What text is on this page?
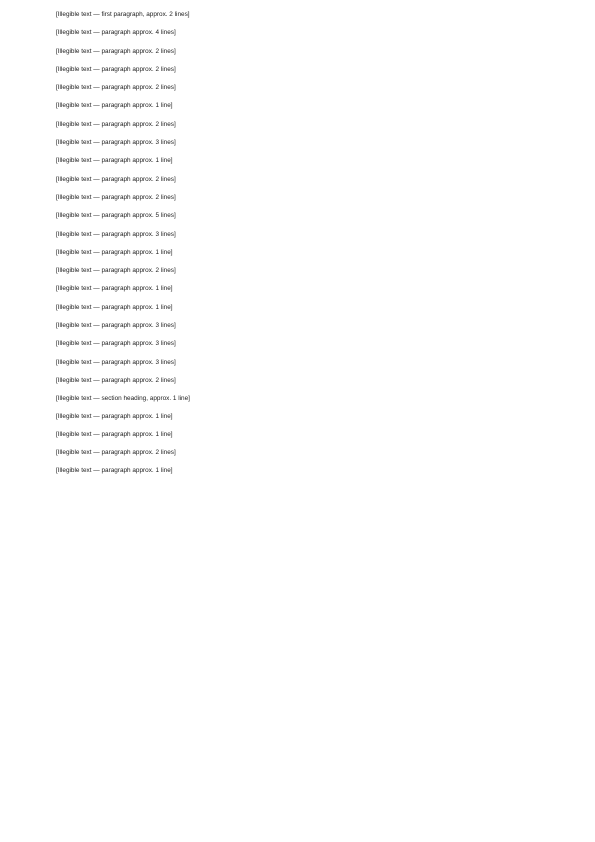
[Illegible text — first paragraph, approx. 2 lines]

[Illegible text — paragraph approx. 4 lines]

[Illegible text — paragraph approx. 2 lines]

[Illegible text — paragraph approx. 2 lines]

[Illegible text — paragraph approx. 2 lines]

[Illegible text — paragraph approx. 1 line]

[Illegible text — paragraph approx. 2 lines]

[Illegible text — paragraph approx. 3 lines]

[Illegible text — paragraph approx. 1 line]

[Illegible text — paragraph approx. 2 lines]

[Illegible text — paragraph approx. 2 lines]

[Illegible text — paragraph approx. 5 lines]

[Illegible text — paragraph approx. 3 lines]

[Illegible text — paragraph approx. 1 line]

[Illegible text — paragraph approx. 2 lines]

[Illegible text — paragraph approx. 1 line]

[Illegible text — paragraph approx. 1 line]

[Illegible text — paragraph approx. 3 lines]

[Illegible text — paragraph approx. 3 lines]

[Illegible text — paragraph approx. 3 lines]

[Illegible text — paragraph approx. 2 lines]

[Illegible text — section heading, approx. 1 line]

[Illegible text — paragraph approx. 1 line]

[Illegible text — paragraph approx. 1 line]

[Illegible text — paragraph approx. 2 lines]

[Illegible text — paragraph approx. 1 line]
